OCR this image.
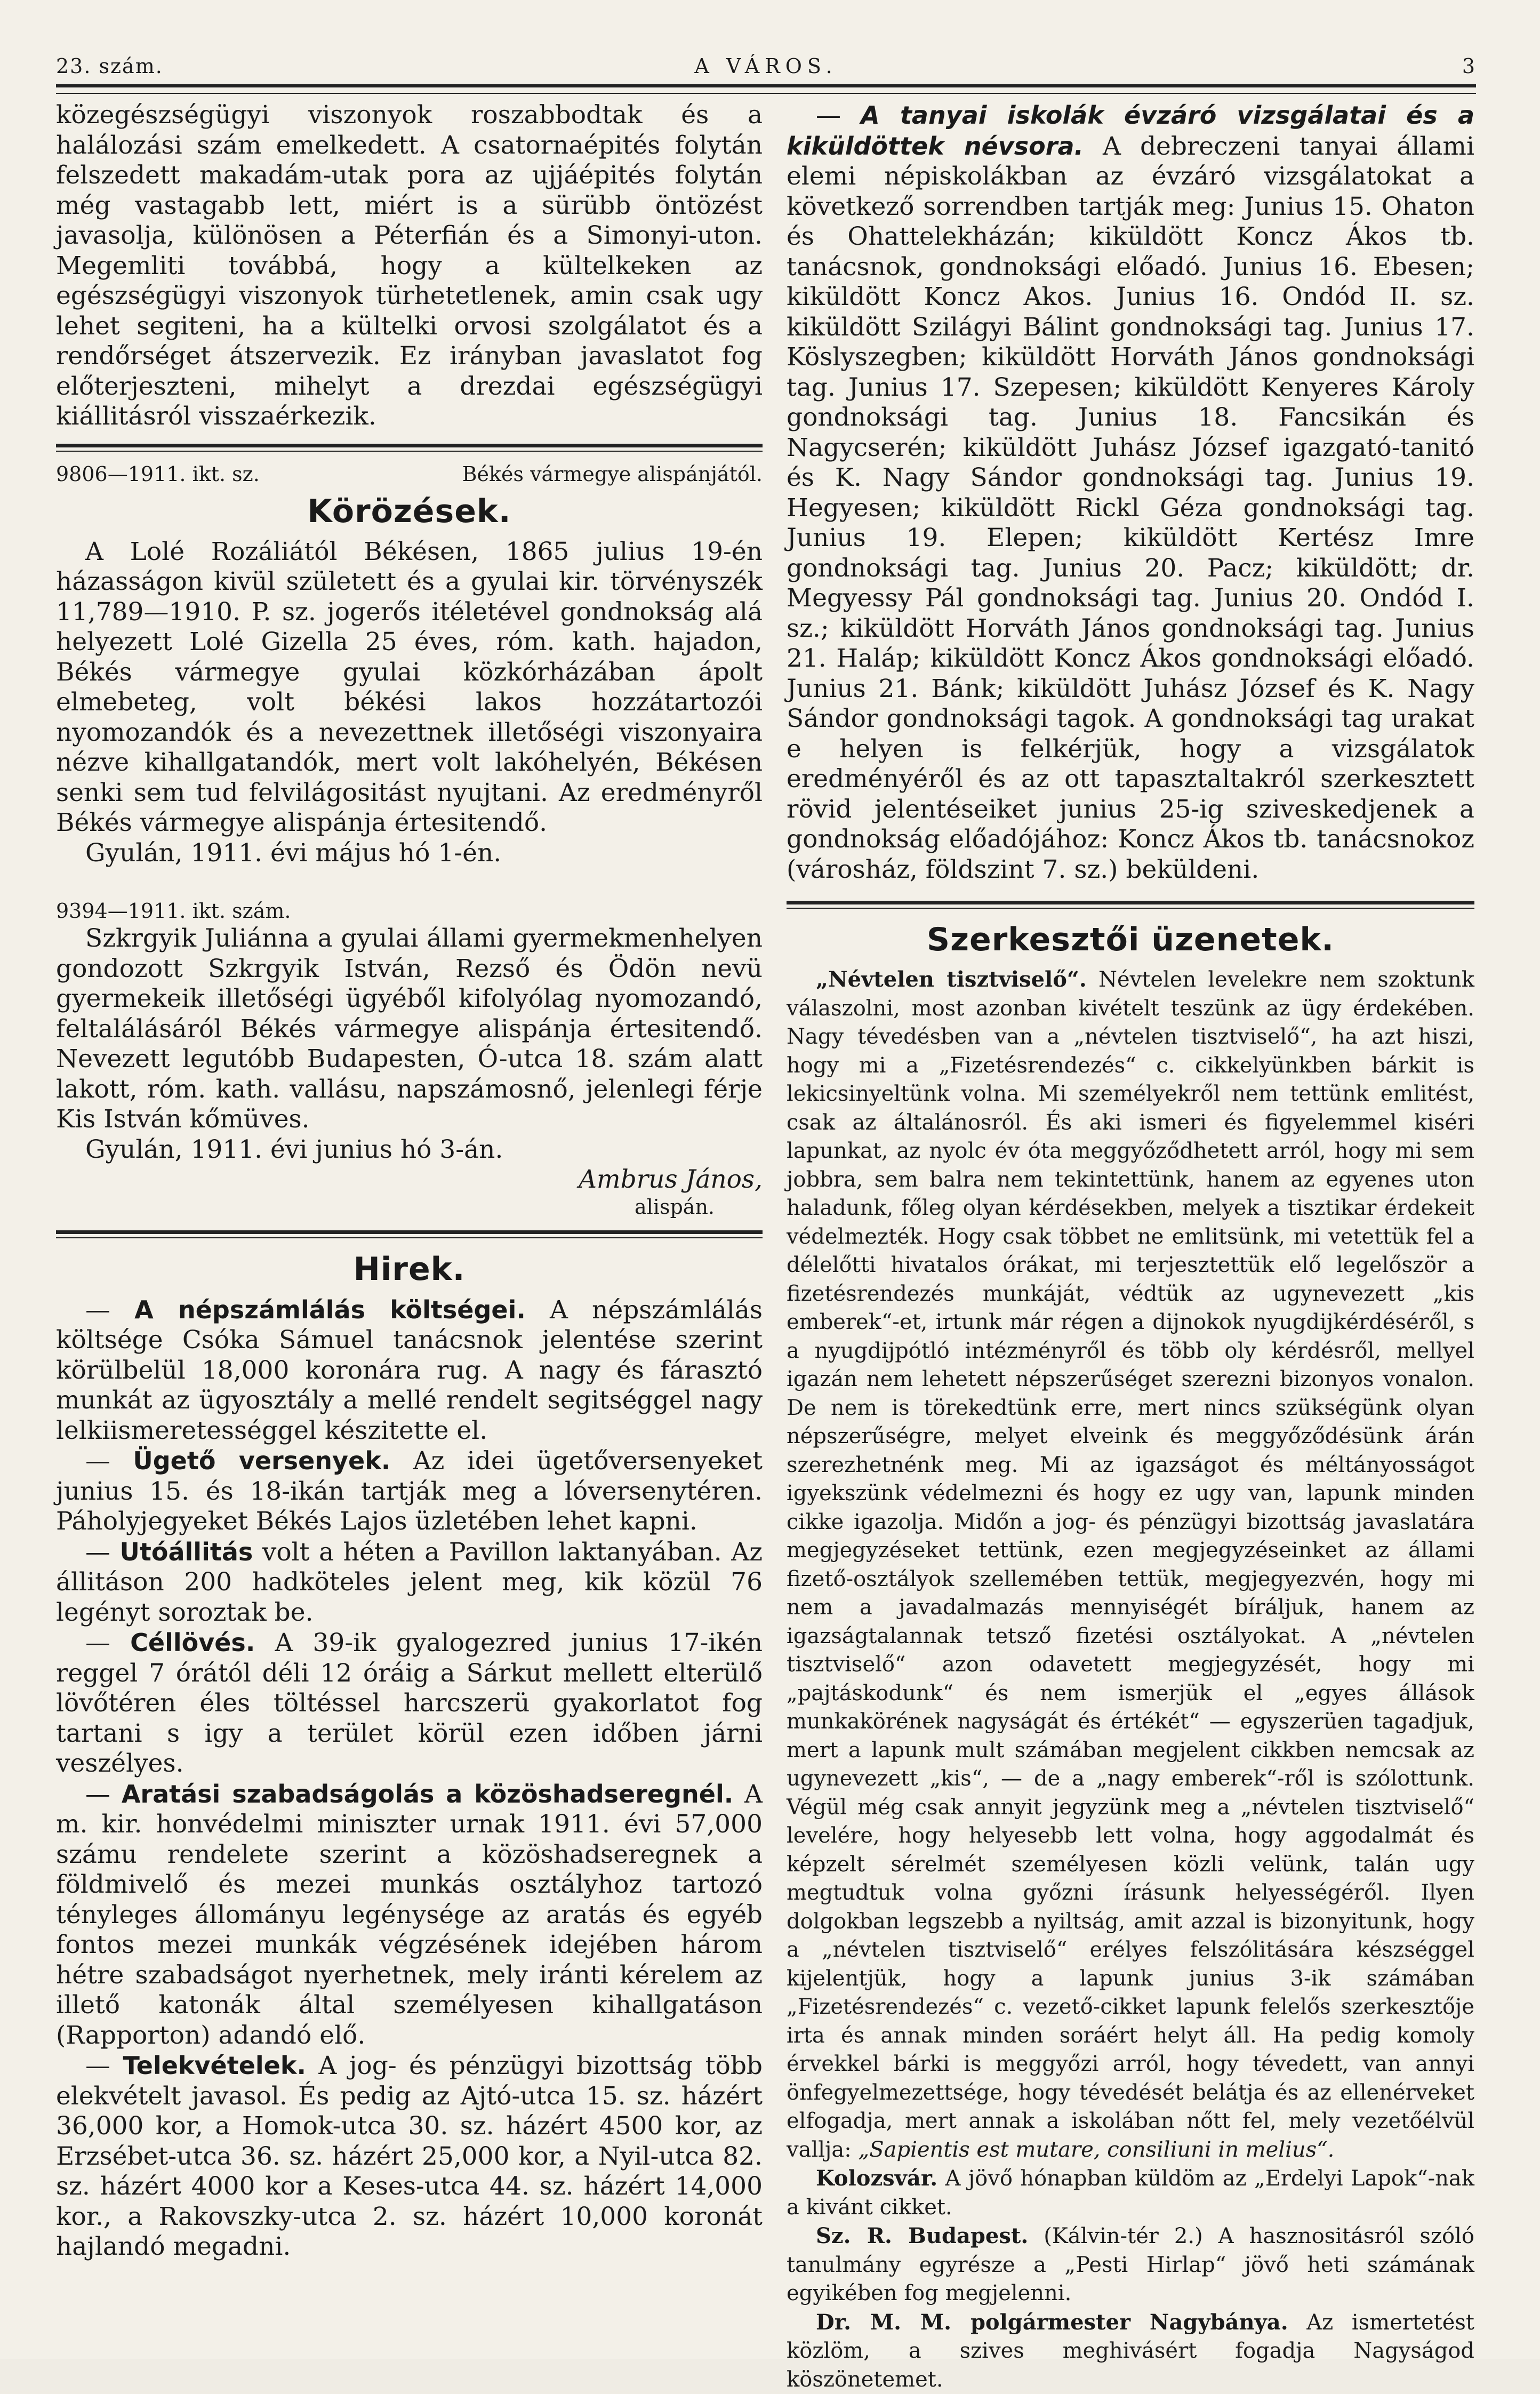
23. szám.	A VÁROS.	3

közegészségügyi viszonyok roszabbodtak és a halálozási szám emelkedett. A csatornaépités folytán felszedett makadám-utak pora az ujjáépités folytán még vastagabb lett, miért is a sürübb öntözést javasolja, különösen a Péterfián és a Simonyi-uton. Megemliti továbbá, hogy a kültelkeken az egészségügyi viszonyok türhetetlenek, amin csak ugy lehet segiteni, ha a kültelki orvosi szolgálatot és a rendőrséget átszervezik. Ez irányban javaslatot fog előterjeszteni, mihelyt a drezdai egészségügyi kiállitásról visszaérkezik.

9806—1911. ikt. sz.	Békés vármegye alispánjától.
Körözések.

A Lolé Rozáliától Békésen, 1865 julius 19-én házasságon kivül született és a gyulai kir. törvényszék 11,789—1910. P. sz. jogerős itéletével gondnokság alá helyezett Lolé Gizella 25 éves, róm. kath. hajadon, Békés vármegye gyulai közkórházában ápolt elmebeteg, volt békési lakos hozzátartozói nyomozandók és a nevezettnek illetőségi viszonyaira nézve kihallgatandók, mert volt lakóhelyén, Békésen senki sem tud felvilágositást nyujtani. Az eredményről Békés vármegye alispánja értesitendő.

Gyulán, 1911. évi május hó 1-én.

9394—1911. ikt. szám.

Szkrgyik Juliánna a gyulai állami gyermekmenhelyen gondozott Szkrgyik István, Rezső és Ödön nevü gyermekeik illetőségi ügyéből kifolyólag nyomozandó, feltalálásáról Békés vármegye alispánja értesitendő. Nevezett legutóbb Budapesten, Ó-utca 18. szám alatt lakott, róm. kath. vallásu, napszámosnő, jelenlegi férje Kis István kőmüves.

Gyulán, 1911. évi junius hó 3-án.

Ambrus János,

alispán.

Hirek.

— A népszámlálás költségei. A népszámlálás költsége Csóka Sámuel tanácsnok jelentése szerint körülbelül 18,000 koronára rug. A nagy és fárasztó munkát az ügyosztály a mellé rendelt segitséggel nagy lelkiismeretességgel készitette el.

— Ügető versenyek. Az idei ügetőversenyeket junius 15. és 18-ikán tartják meg a lóversenytéren. Páholyjegyeket Békés Lajos üzletében lehet kapni.

— Utóállitás volt a héten a Pavillon laktanyában. Az állitáson 200 hadköteles jelent meg, kik közül 76 legényt soroztak be.

— Céllövés. A 39-ik gyalogezred junius 17-ikén reggel 7 órától déli 12 óráig a Sárkut mellett elterülő lövőtéren éles töltéssel harcszerü gyakorlatot fog tartani s igy a terület körül ezen időben járni veszélyes.

— Aratási szabadságolás a közöshadseregnél. A m. kir. honvédelmi miniszter urnak 1911. évi 57,000 számu rendelete szerint a közöshadseregnek a földmivelő és mezei munkás osztályhoz tartozó tényleges állományu legénysége az aratás és egyéb fontos mezei munkák végzésének idejében három hétre szabadságot nyerhetnek, mely iránti kérelem az illető katonák által személyesen kihallgatáson (Rapporton) adandó elő.

— Telekvételek. A jog- és pénzügyi bizottság több elekvételt javasol. És pedig az Ajtó-utca 15. sz. házért 36,000 kor, a Homok-utca 30. sz. házért 4500 kor, az Erzsébet-utca 36. sz. házért 25,000 kor, a Nyil-utca 82. sz. házért 4000 kor a Keses-utca 44. sz. házért 14,000 kor., a Rakovszky-utca 2. sz. házért 10,000 koronát hajlandó megadni.

— A tanyai iskolák évzáró vizsgálatai és a kiküldöttek névsora. A debreczeni tanyai állami elemi népiskolákban az évzáró vizsgálatokat a következő sorrendben tartják meg: Junius 15. Ohaton és Ohattelekházán; kiküldött Koncz Ákos tb. tanácsnok, gondnoksági előadó. Junius 16. Ebesen; kiküldött Koncz Akos. Junius 16. Ondód II. sz. kiküldött Szilágyi Bálint gondnoksági tag. Junius 17. Köslyszegben; kiküldött Horváth János gondnoksági tag. Junius 17. Szepesen; kiküldött Kenyeres Károly gondnoksági tag. Junius 18. Fancsikán és Nagycserén; kiküldött Juhász József igazgató-tanitó és K. Nagy Sándor gondnoksági tag. Junius 19. Hegyesen; kiküldött Rickl Géza gondnoksági tag. Junius 19. Elepen; kiküldött Kertész Imre gondnoksági tag. Junius 20. Pacz; kiküldött; dr. Megyessy Pál gondnoksági tag. Junius 20. Ondód I. sz.; kiküldött Horváth János gondnoksági tag. Junius 21. Haláp; kiküldött Koncz Ákos gondnoksági előadó. Junius 21. Bánk; kiküldött Juhász József és K. Nagy Sándor gondnoksági tagok. A gondnoksági tag urakat e helyen is felkérjük, hogy a vizsgálatok eredményéről és az ott tapasztaltakról szerkesztett rövid jelentéseiket junius 25-ig sziveskedjenek a gondnokság előadójához: Koncz Ákos tb. tanácsnokoz (városház, földszint 7. sz.) beküldeni.

Szerkesztői üzenetek.

„Névtelen tisztviselő“. Névtelen levelekre nem szoktunk válaszolni, most azonban kivételt teszünk az ügy érdekében. Nagy tévedésben van a „névtelen tisztviselő“, ha azt hiszi, hogy mi a „Fizetésrendezés“ c. cikkelyünkben bárkit is lekicsinyeltünk volna. Mi személyekről nem tettünk emlitést, csak az általánosról. És aki ismeri és figyelemmel kiséri lapunkat, az nyolc év óta meggyőződhetett arról, hogy mi sem jobbra, sem balra nem tekintettünk, hanem az egyenes uton haladunk, főleg olyan kérdésekben, melyek a tisztikar érdekeit védelmezték. Hogy csak többet ne emlitsünk, mi vetettük fel a délelőtti hivatalos órákat, mi terjesztettük elő legelőször a fizetésrendezés munkáját, védtük az ugynevezett „kis emberek“-et, irtunk már régen a dijnokok nyugdijkérdéséről, s a nyugdijpótló intézményről és több oly kérdésről, mellyel igazán nem lehetett népszerűséget szerezni bizonyos vonalon. De nem is törekedtünk erre, mert nincs szükségünk olyan népszerűségre, melyet elveink és meggyőződésünk árán szerezhetnénk meg. Mi az igazságot és méltányosságot igyekszünk védelmezni és hogy ez ugy van, lapunk minden cikke igazolja. Midőn a jog- és pénzügyi bizottság javaslatára megjegyzéseket tettünk, ezen megjegyzéseinket az állami fizető-osztályok szellemében tettük, megjegyezvén, hogy mi nem a javadalmazás mennyiségét bíráljuk, hanem az igazságtalannak tetsző fizetési osztályokat. A „névtelen tisztviselő“ azon odavetett megjegyzését, hogy mi „pajtáskodunk“ és nem ismerjük el „egyes állások munkakörének nagyságát és értékét“ — egyszerüen tagadjuk, mert a lapunk mult számában megjelent cikkben nemcsak az ugynevezett „kis“, — de a „nagy emberek“-ről is szólottunk. Végül még csak annyit jegyzünk meg a „névtelen tisztviselő“ levelére, hogy helyesebb lett volna, hogy aggodalmát és képzelt sérelmét személyesen közli velünk, talán ugy megtudtuk volna győzni írásunk helyességéről. Ilyen dolgokban legszebb a nyiltság, amit azzal is bizonyitunk, hogy a „névtelen tisztviselő“ erélyes felszólitására készséggel kijelentjük, hogy a lapunk junius 3-ik számában „Fizetésrendezés“ c. vezető-cikket lapunk felelős szerkesztője irta és annak minden soráért helyt áll. Ha pedig komoly érvekkel bárki is meggyőzi arról, hogy tévedett, van annyi önfegyelmezettsége, hogy tévedését belátja és az ellenérveket elfogadja, mert annak a iskolában nőtt fel, mely vezetőélvül vallja: „Sapientis est mutare, consiliuni in melius“.

Kolozsvár. A jövő hónapban küldöm az „Erdelyi Lapok“-nak a kivánt cikket.

Sz. R. Budapest. (Kálvin-tér 2.) A hasznositásról szóló tanulmány egyrésze a „Pesti Hirlap“ jövő heti számának egyikében fog megjelenni.

Dr. M. M. polgármester Nagybánya. Az ismertetést közlöm, a szives meghivásért fogadja Nagyságod köszönetemet.
